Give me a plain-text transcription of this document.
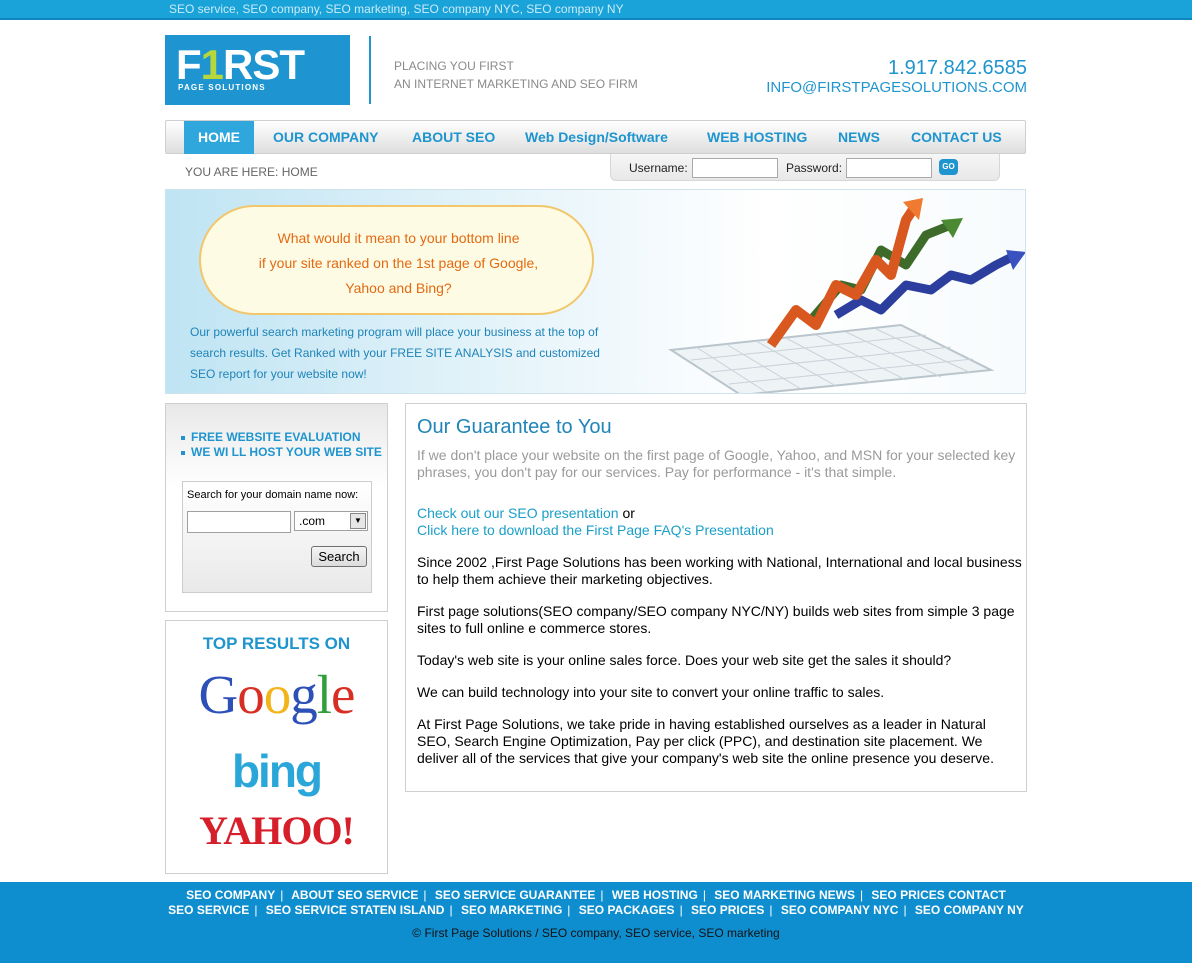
SEO service, SEO company, SEO marketing, SEO company NYC, SEO company NY
F1RST
PAGE SOLUTIONS
PLACING YOU FIRST
AN INTERNET MARKETING AND SEO FIRM
1.917.842.6585
INFO@FIRSTPAGESOLUTIONS.COM
HOME	OUR COMPANY ABOUT SEO Web Design/Software	WEB HOSTING NEWS CONTACT US
YOU ARE HERE: HOME	Username:	Password:	GO
What would it mean to your bottom line
if your site ranked on the 1st page of Google,
Yahoo and Bing?
Our powerful search marketing program will place your business at the top of search results. Get Ranked with your FREE SITE ANALYSIS and customized SEO report for your website now!
FREE WEBSITE EVALUATION
WE WI LL HOST YOUR WEB SITE
Search for your domain name now:
.com	▼
Search
TOP RESULTS ON
Google
bing
YAHOO!
Our Guarantee to You
If we don't place your website on the first page of Google, Yahoo, and MSN for your selected key phrases, you don't pay for our services. Pay for performance - it's that simple.
Check out our SEO presentation or
Click here to download the First Page FAQ's Presentation
Since 2002 ,First Page Solutions has been working with National, International and local business to help them achieve their marketing objectives.
First page solutions(SEO company/SEO company NYC/NY) builds web sites from simple 3 page sites to full online e commerce stores.
Today's web site is your online sales force. Does your web site get the sales it should?
We can build technology into your site to convert your online traffic to sales.
At First Page Solutions, we take pride in having established ourselves as a leader in Natural SEO, Search Engine Optimization, Pay per click (PPC), and destination site placement. We deliver all of the services that give your company's web site the online presence you deserve.
SEO COMPANY | ABOUT SEO SERVICE | SEO SERVICE GUARANTEE | WEB HOSTING | SEO MARKETING NEWS | SEO PRICES CONTACT
SEO SERVICE | SEO SERVICE STATEN ISLAND | SEO MARKETING | SEO PACKAGES | SEO PRICES | SEO COMPANY NYC | SEO COMPANY NY
© First Page Solutions / SEO company, SEO service, SEO marketing
